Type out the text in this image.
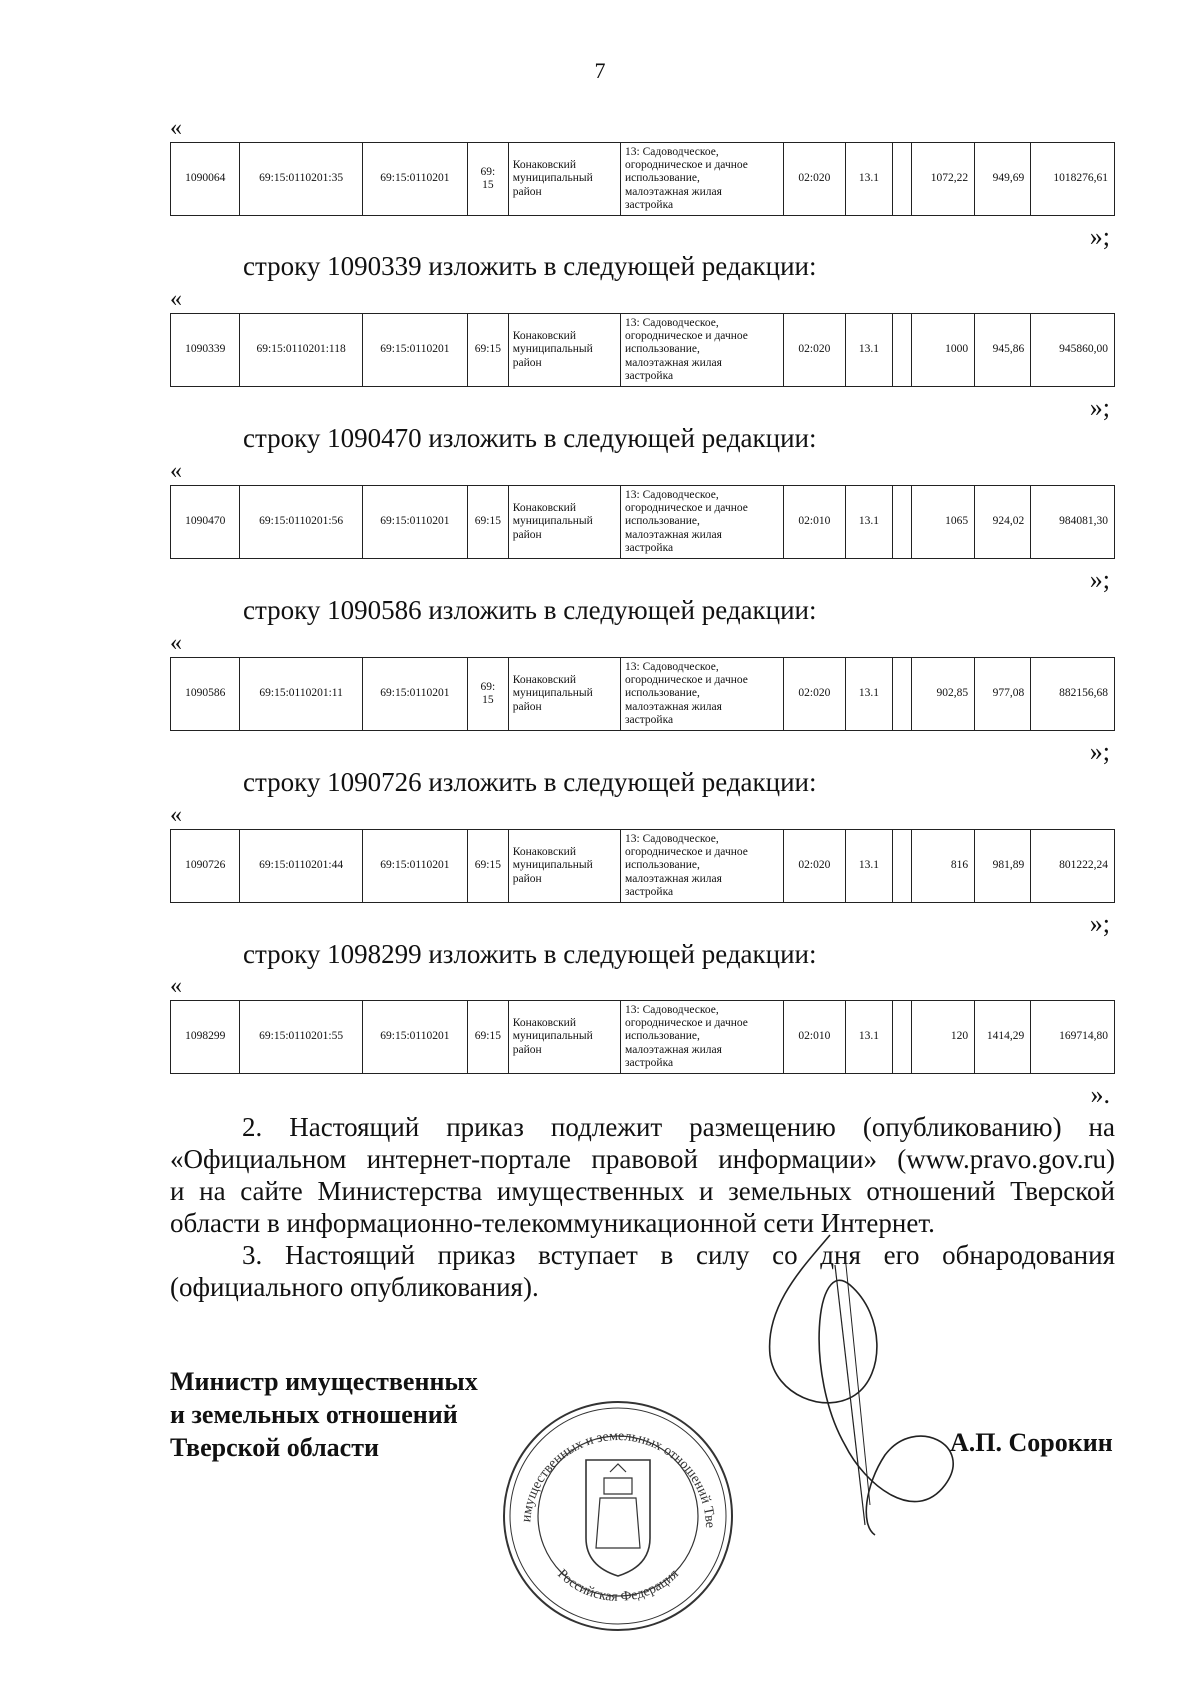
7
«
1090064	69:15:0110201:35	69:15:0110201	69:
15	Конаковский
муниципальный
район	13: Садоводческое,
огородническое и дачное
использование,
малоэтажная жилая
застройка	02:020	13.1		1072,22	949,69	1018276,61
»;
строку 1090339 изложить в следующей редакции:
«
1090339	69:15:0110201:118	69:15:0110201	69:15	Конаковский
муниципальный
район	13: Садоводческое,
огородническое и дачное
использование,
малоэтажная жилая
застройка	02:020	13.1		1000	945,86	945860,00
»;
строку 1090470 изложить в следующей редакции:
«
1090470	69:15:0110201:56	69:15:0110201	69:15	Конаковский
муниципальный
район	13: Садоводческое,
огородническое и дачное
использование,
малоэтажная жилая
застройка	02:010	13.1		1065	924,02	984081,30
»;
строку 1090586 изложить в следующей редакции:
«
1090586	69:15:0110201:11	69:15:0110201	69:
15	Конаковский
муниципальный
район	13: Садоводческое,
огородническое и дачное
использование,
малоэтажная жилая
застройка	02:020	13.1		902,85	977,08	882156,68
»;
строку 1090726 изложить в следующей редакции:
«
1090726	69:15:0110201:44	69:15:0110201	69:15	Конаковский
муниципальный
район	13: Садоводческое,
огородническое и дачное
использование,
малоэтажная жилая
застройка	02:020	13.1		816	981,89	801222,24
»;
строку 1098299 изложить в следующей редакции:
«
1098299	69:15:0110201:55	69:15:0110201	69:15	Конаковский
муниципальный
район	13: Садоводческое,
огородническое и дачное
использование,
малоэтажная жилая
застройка	02:010	13.1		120	1414,29	169714,80
».
2. Настоящий приказ подлежит размещению (опубликованию) на
«Официальном интернет-портале правовой информации» (www.pravo.gov.ru)
и на сайте Министерства имущественных и земельных отношений Тверской
области в информационно-телекоммуникационной сети Интернет.
3. Настоящий приказ вступает в силу со дня его обнародования
(официального опубликования).
Министр имущественных
и земельных отношений
Тверской области
имущественных и земельных отношений Тве
Российская Федерация
А.П. Сорокин
